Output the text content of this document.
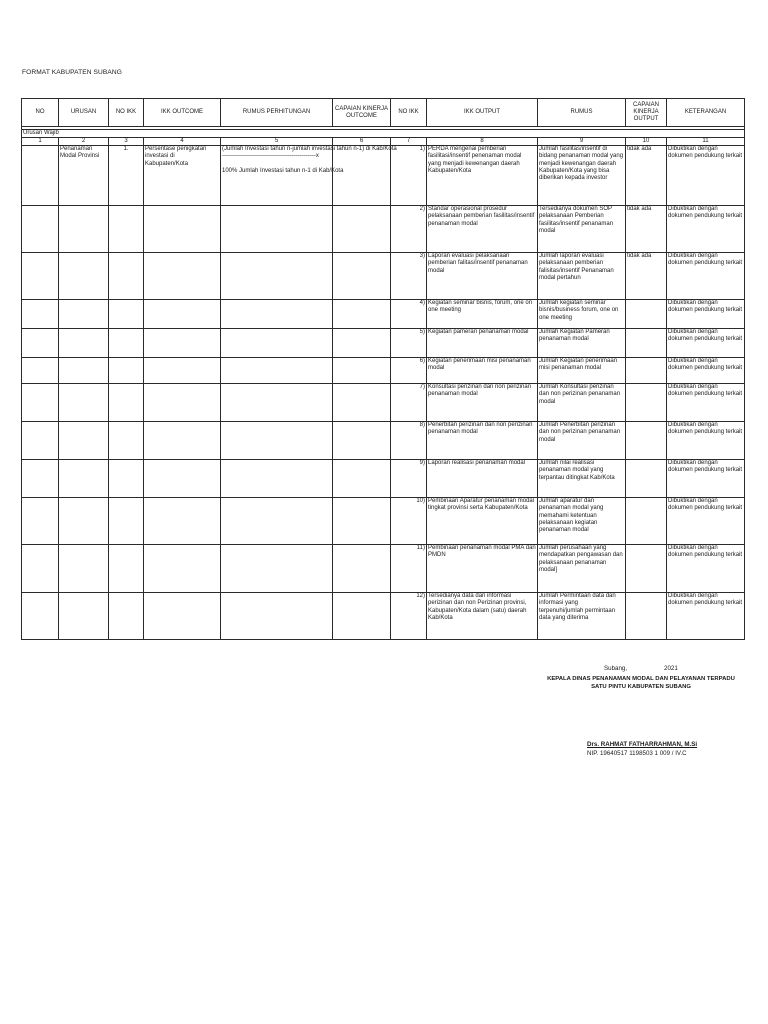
FORMAT KABUPATEN SUBANG
NO	URUSAN	NO IKK	IKK OUTCOME	RUMUS PERHITUNGAN	CAPAIAN KINERJA OUTCOME	NO IKK	IKK OUTPUT	RUMUS	CAPAIAN KINERJA OUTPUT	KETERANGAN

Urusan Wajib										
1	2	3	4	5	6	7	8	9	10	11
	Penanaman Modal Provinsi	1.	Persentase penigkatan investasi di Kabupaten/Kota	(Jumlah Investasi tahun n-jumlah investasi tahun n-1) di Kab/Kota
-----------------------------------------------x

100% Jumlah Investasi tahun n-1 di Kab/Kota		1)	PERDA mengenai pemberian fasilitasi/insentif penenaman modal yang menjadi kewenangan daerah Kabupaten/Kota	Jumlah fasilitas/insentif di bidang penanaman modal yang menjadi kewenangan daerah Kabupaten/Kota yang bisa diberikan kepada investor	tidak ada	Dibuktikan dengan dokumen pendukung terkait
						2)	Standar operasional prosedur pelaksanaan pemberian fasilitas/insentif penanaman modal	Tersedianya dokumen SOP pelaksanaan Pemberian fasilitas/insentif penanaman modal	tidak ada	Dibuktikan dengan dokumen pendukung terkait
						3)	Laporan evaluasi pelaksanaan pemberian falitas/insentif penanaman modal	Jumlah laporan evaluasi pelaksanaan pemberian falisitas/insentif Penanaman modal pertahun	tidak ada	Dibuktikan dengan dokumen pendukung terkait
						4)	Kegiatan seminar bisnis, forum, one on one meeting	Jumlah kegiatan seminar bisnis/business forum, one on one meeting		Dibuktikan dengan dokumen pendukung terkait
						5)	Kegiatan pameran penanaman modal	Jumlah Kegiatan Pameran penanaman modal		Dibuktikan dengan dokumen pendukung terkait
						6)	Kegiatan penerimaan misi penanaman modal	Jumlah Kegiatan penerimaan misi penanaman modal		Dibuktikan dengan dokumen pendukung terkait
						7)	Konsultasi perizinan dan non perizinan penanaman modal	Jumlah Konsultasi perizinan dan non perizinan penanaman modal		Dibuktikan dengan dokumen pendukung terkait
						8)	Penerbitan perizinan dan non perizinan penanaman modal	Jumlah Penerbitan perizinan dan non perizinan penanaman modal		Dibuktikan dengan dokumen pendukung terkait
						9)	Laporan realisasi penanaman modal	Jumlah nilai realisasi penanaman modal yang terpantau ditingkat Kab/Kota		Dibuktikan dengan dokumen pendukung terkait
						10)	Pembinaan Aparatur penanaman modal tingkat provinsi serta Kabupaten/Kota	Jumlah aparatur dan penanaman modal yang memahami ketentuan pelaksanaan kegiatan penanaman modal		Dibuktikan dengan dokumen pendukung terkait
						11)	Pembinaan penanaman modal PMA dan PMDN	Jumlah perusahaan yang mendapatkan pengawasan dan pelaksanaan penanaman modal]		Dibuktikan dengan dokumen pendukung terkait
						12)	Tersedianya data dan informasi perizinan dan non Perizinan provinsi, Kabupaten/Kota dalam (satu) daerah Kab/Kota	Jumlah Permintaan data dan informasi yang terpenuhi/jumlah permintaan data yang diterima		Dibuktikan dengan dokumen pendukung terkait
Subang,	2021
KEPALA DINAS PENANAMAN MODAL DAN PELAYANAN TERPADU SATU PINTU KABUPATEN SUBANG
Drs. RAHMAT FATHARRAHMAN, M.Si
NIP. 19640517 1198503 1 009 / IV.C
